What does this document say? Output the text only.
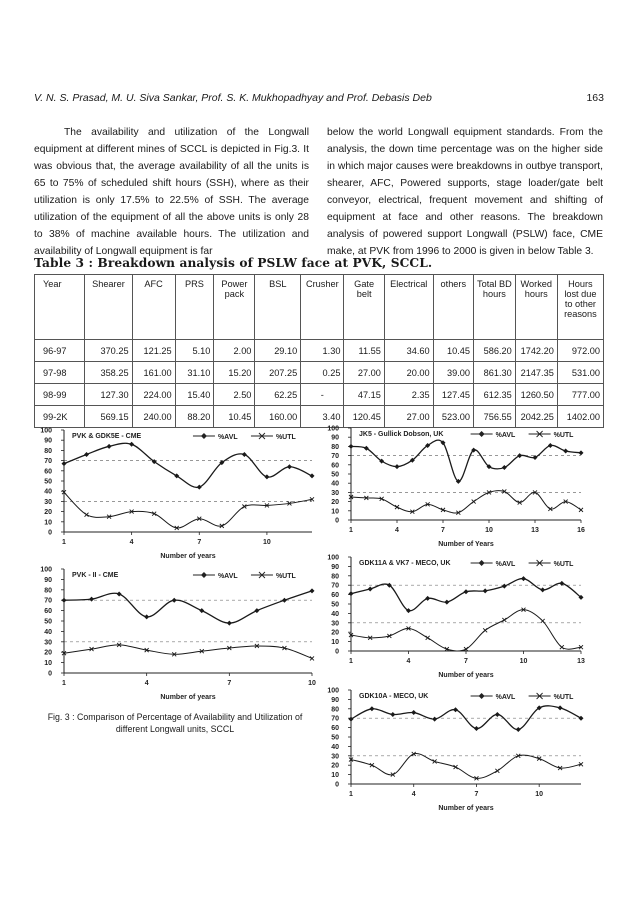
V. N. S. Prasad, M. U. Siva Sankar, Prof. S. K. Mukhopadhyay and Prof. Debasis Deb	163
The availability and utilization of the Longwall equipment at different mines of SCCL is depicted in Fig.3. It was obvious that, the average availability of all the units is 65 to 75% of scheduled shift hours (SSH), where as their utilization is only 17.5% to 22.5% of SSH. The average utilization of the equipment of all the above units is only 28 to 38% of machine available hours. The utilization and availability of Longwall equipment is far
below the world Longwall equipment standards. From the analysis, the down time percentage was on the higher side in which major causes were breakdowns in outbye transport, shearer, AFC, Powered supports, stage loader/gate belt conveyor, electrical, frequent movement and shifting of equipment at face and other reasons. The breakdown analysis of powered support Longwall (PSLW) face, CME make, at PVK from 1996 to 2000 is given in below Table 3.
Table 3 : Breakdown analysis of PSLW face at PVK, SCCL.
Year	Shearer	AFC	PRS	Power pack	BSL	Crusher	Gate belt	Electrical	others	Total BD hours	Worked hours	Hours lost due to other reasons
96-97	370.25	121.25	5.10	2.00	29.10	1.30	11.55	34.60	10.45	586.20	1742.20	972.00
97-98	358.25	161.00	31.10	15.20	207.25	0.25	27.00	20.00	39.00	861.30	2147.35	531.00
98-99	127.30	224.00	15.40	2.50	62.25	-	47.15	2.35	127.45	612.35	1260.50	777.00
99-2K	569.15	240.00	88.20	10.45	160.00	3.40	120.45	27.00	523.00	756.55	2042.25	1402.00
0
10
20
30
40
50
60
70
80
90
100
1	4	7	10
Number of years
PVK & GDK5E - CME	%AVL	%UTL
0
10
20
30
40
50
60
70
80
90
100
1	4	7	10
Number of years
PVK - II - CME	%AVL	%UTL
0
10
20
30
40
50
60
70
80
90
100
1	4	7	10	13	16
Number of Years
JK5 - Gullick Dobson, UK	%AVL	%UTL
0
10
20
30
40
50
60
70
80
90
100
1	4	7	10	13
Number of years
GDK11A & VK7 - MECO, UK	%AVL	%UTL
0
10
20
30
40
50
60
70
80
90
100
1	4	7	10
Number of years
GDK10A - MECO, UK	%AVL	%UTL
Fig. 3 : Comparison of Percentage of Availability and Utilization of different Longwall units, SCCL
